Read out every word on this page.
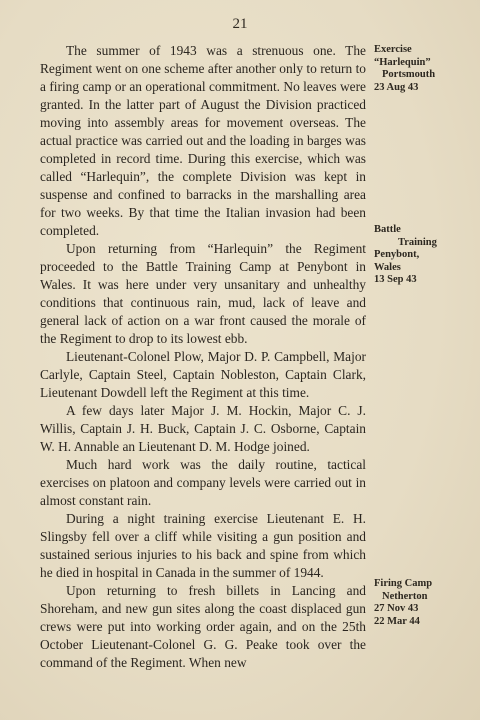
21

The summer of 1943 was a strenuous one. The Regiment went on one scheme after another only to return to a firing camp or an operational commitment. No leaves were granted. In the latter part of August the Division practiced moving into assembly areas for movement overseas. The actual practice was carried out and the loading in barges was completed in record time. During this exercise, which was called “Harlequin”, the complete Division was kept in suspense and confined to barracks in the marshalling area for two weeks. By that time the Italian invasion had been completed.

Upon returning from “Harlequin” the Regiment proceeded to the Battle Training Camp at Penybont in Wales. It was here under very unsanitary and unhealthy conditions that continuous rain, mud, lack of leave and general lack of action on a war front caused the morale of the Regiment to drop to its lowest ebb.

Lieutenant-Colonel Plow, Major D. P. Campbell, Major Carlyle, Captain Steel, Captain Nobleston, Captain Clark, Lieutenant Dowdell left the Regiment at this time.

A few days later Major J. M. Hockin, Major C. J. Willis, Captain J. H. Buck, Captain J. C. Osborne, Captain W. H. Annable an Lieutenant D. M. Hodge joined.

Much hard work was the daily routine, tactical exercises on platoon and company levels were carried out in almost constant rain.

During a night training exercise Lieutenant E. H. Slingsby fell over a cliff while visiting a gun position and sustained serious injuries to his back and spine from which he died in hospital in Canada in the summer of 1944.

Upon returning to fresh billets in Lancing and Shoreham, and new gun sites along the coast displaced gun crews were put into working order again, and on the 25th October Lieutenant-Colonel G. G. Peake took over the command of the Regiment. When new

Exercise
“Harlequin”
Portsmouth
23 Aug 43
Battle
Training
Penybont,
Wales
13 Sep 43
Firing Camp
Netherton
27 Nov 43
22 Mar 44
